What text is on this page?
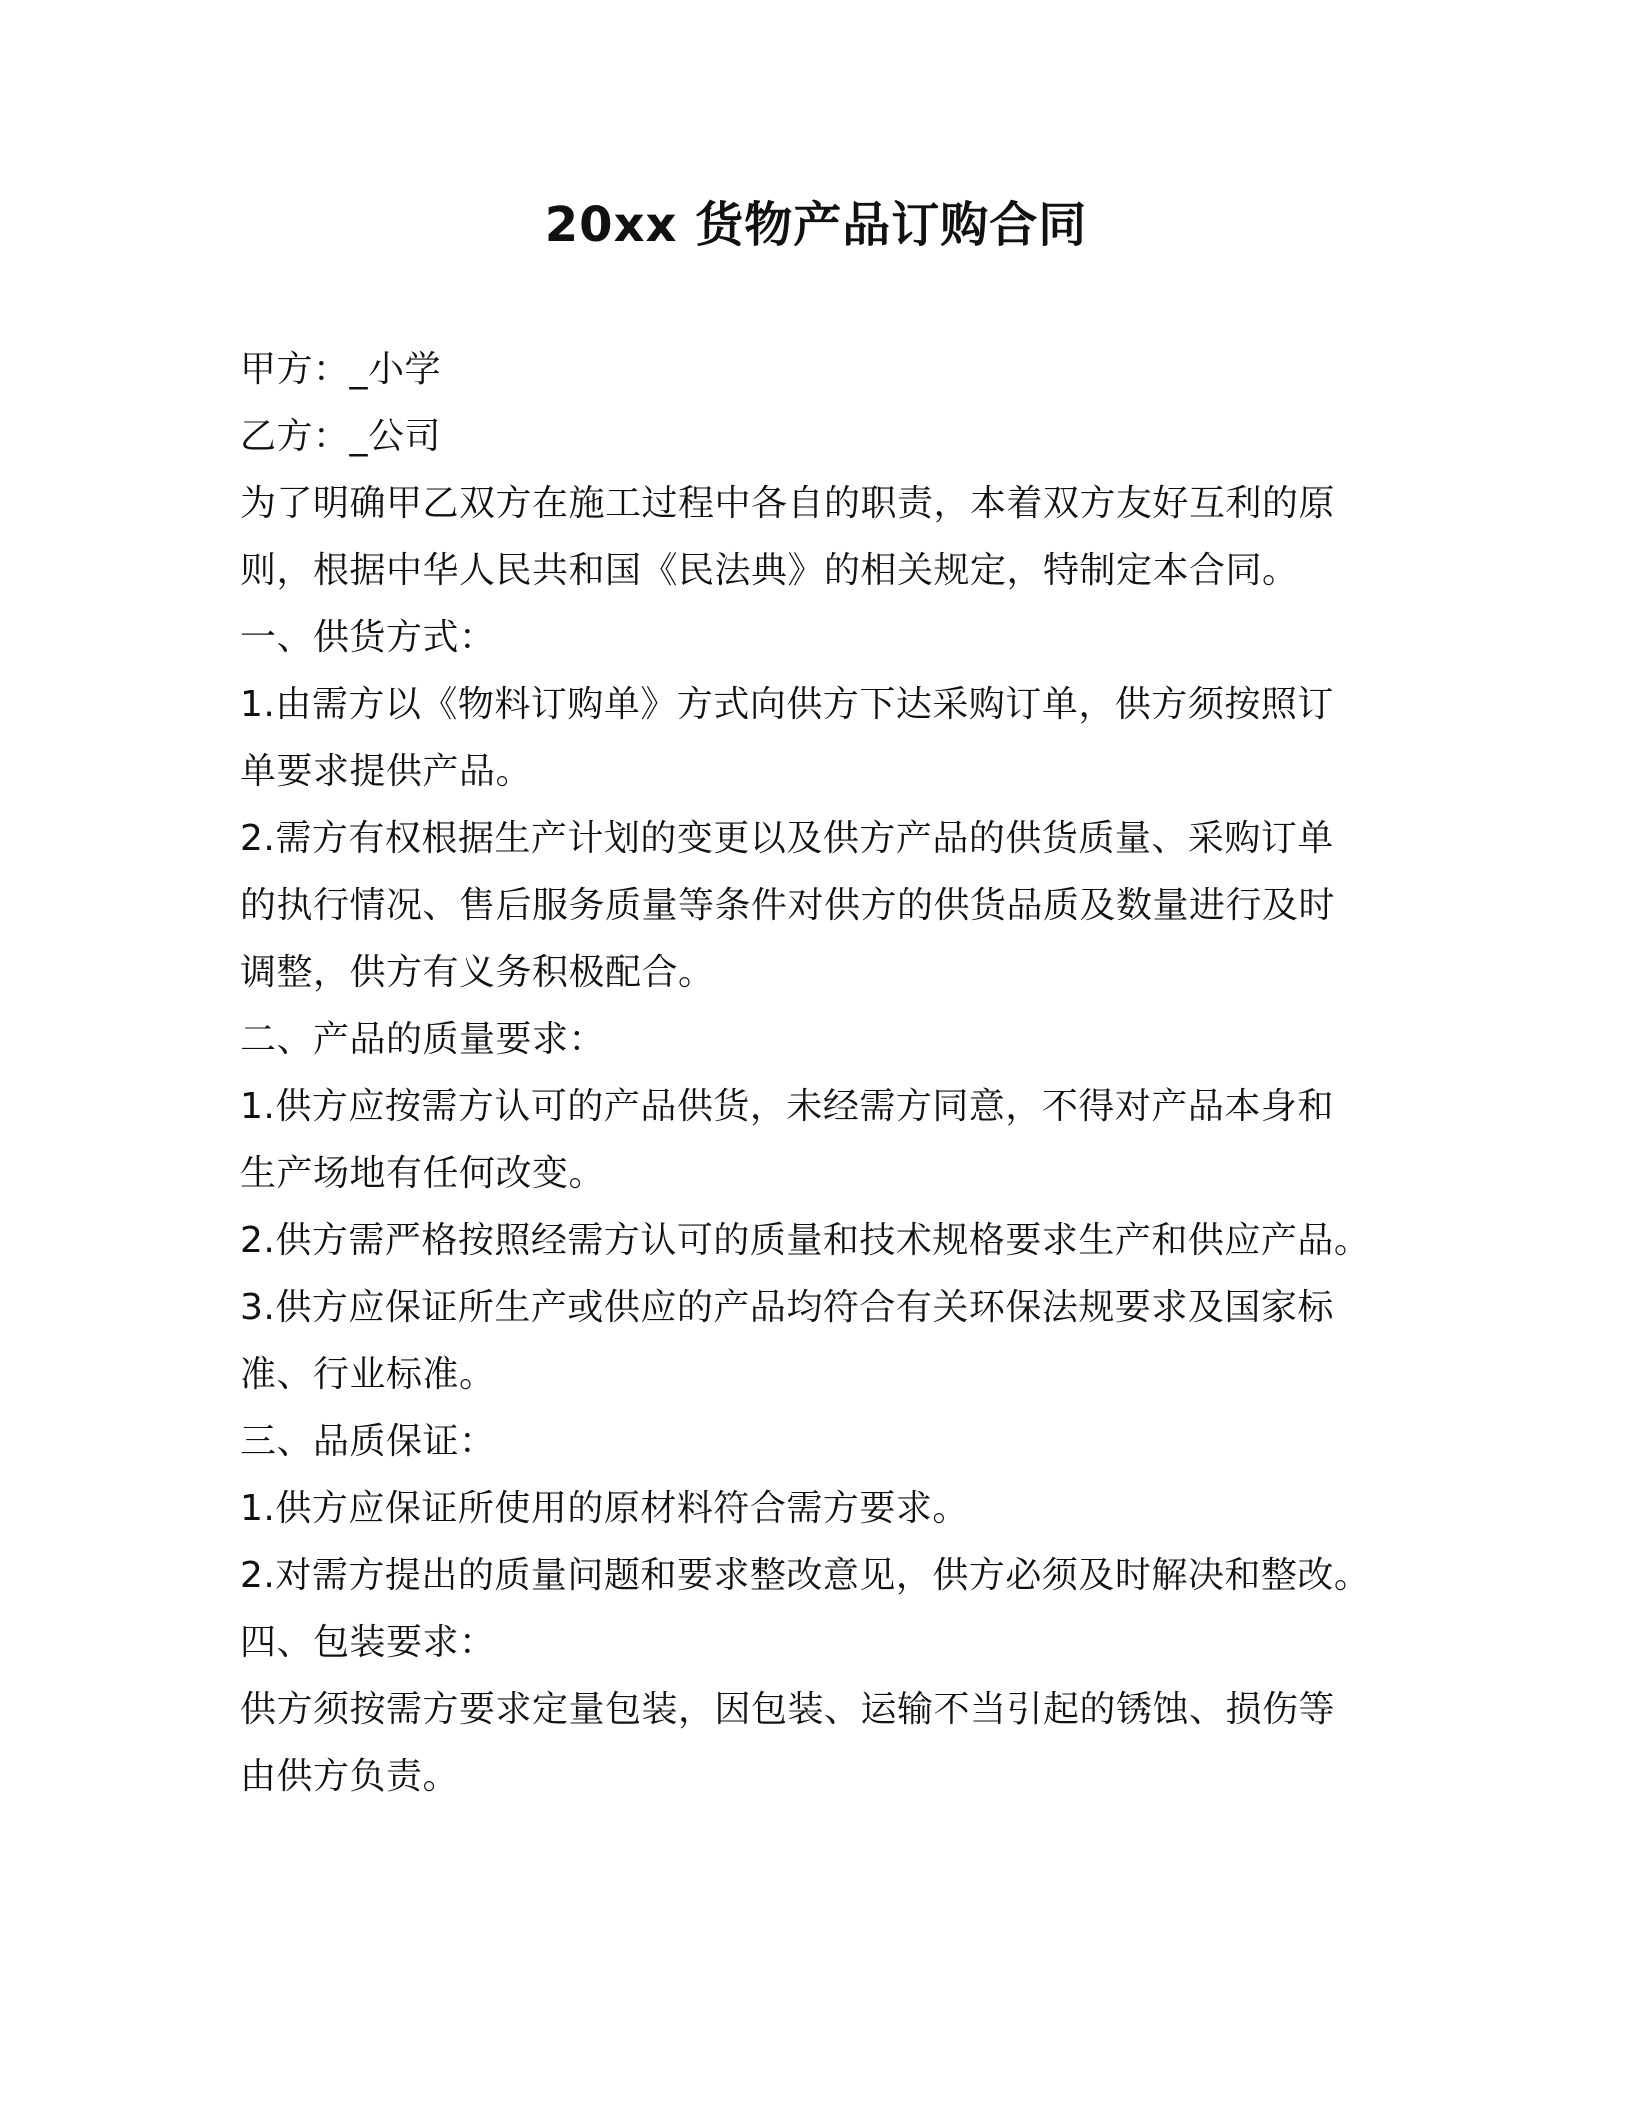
20xx 货物产品订购合同
甲方：_小学
乙方：_公司
为了明确甲乙双方在施工过程中各自的职责，本着双方友好互利的原
则，根据中华人民共和国《民法典》的相关规定，特制定本合同。
一、供货方式：
1.由需方以《物料订购单》方式向供方下达采购订单，供方须按照订
单要求提供产品。
2.需方有权根据生产计划的变更以及供方产品的供货质量、采购订单
的执行情况、售后服务质量等条件对供方的供货品质及数量进行及时
调整，供方有义务积极配合。
二、产品的质量要求：
1.供方应按需方认可的产品供货，未经需方同意，不得对产品本身和
生产场地有任何改变。
2.供方需严格按照经需方认可的质量和技术规格要求生产和供应产品。
3.供方应保证所生产或供应的产品均符合有关环保法规要求及国家标
准、行业标准。
三、品质保证：
1.供方应保证所使用的原材料符合需方要求。
2.对需方提出的质量问题和要求整改意见，供方必须及时解决和整改。
四、包装要求：
供方须按需方要求定量包装，因包装、运输不当引起的锈蚀、损伤等
由供方负责。
